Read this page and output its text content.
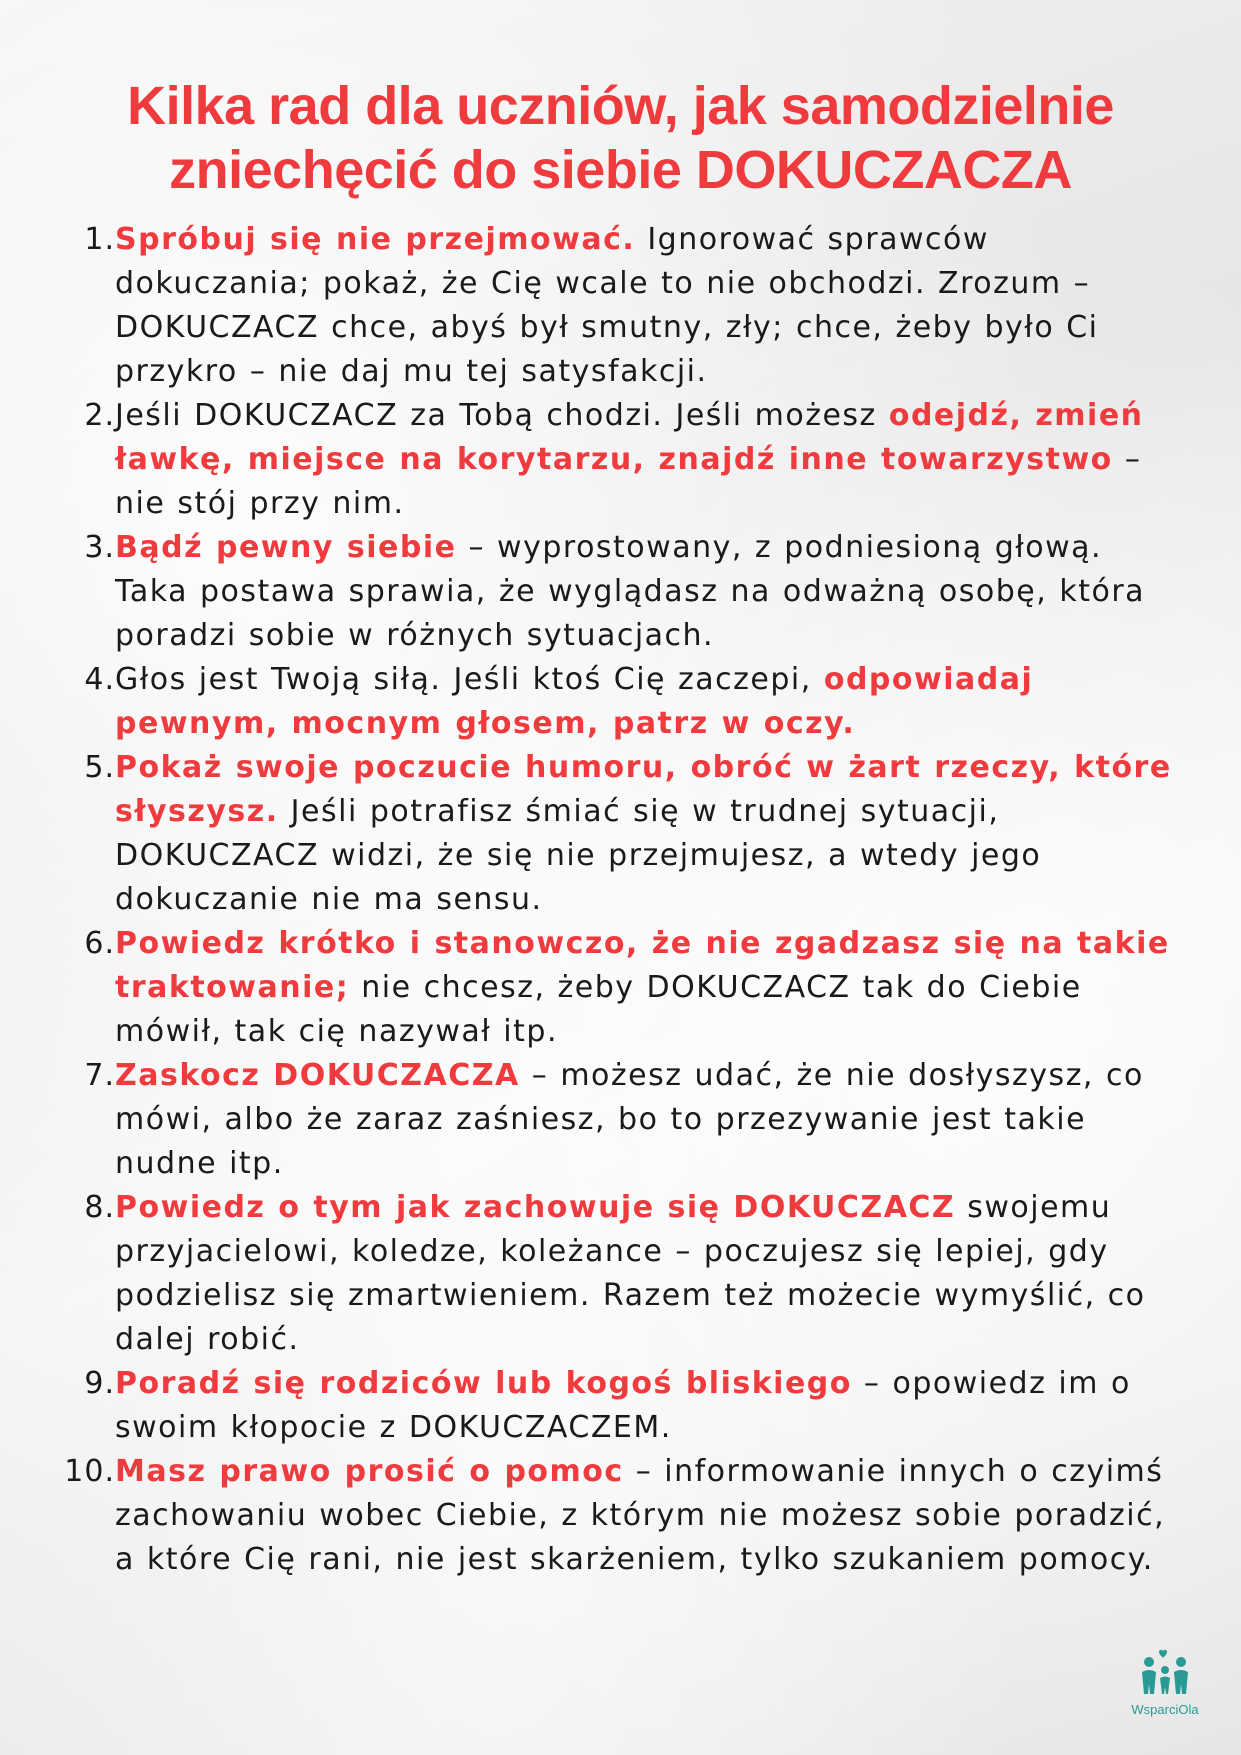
Kilka rad dla uczniów, jak samodzielnie
zniechęcić do siebie DOKUCZACZA
1. Spróbuj się nie przejmować. Ignorować sprawców dokuczania; pokaż, że Cię wcale to nie obchodzi. Zrozum – DOKUCZACZ chce, abyś był smutny, zły; chce, żeby było Ci przykro – nie daj mu tej satysfakcji.
2. Jeśli DOKUCZACZ za Tobą chodzi. Jeśli możesz odejdź, zmień ławkę, miejsce na korytarzu, znajdź inne towarzystwo – nie stój przy nim.
3. Bądź pewny siebie – wyprostowany, z podniesioną głową. Taka postawa sprawia, że wyglądasz na odważną osobę, która poradzi sobie w różnych sytuacjach.
4. Głos jest Twoją siłą. Jeśli ktoś Cię zaczepi, odpowiadaj pewnym, mocnym głosem, patrz w oczy.
5. Pokaż swoje poczucie humoru, obróć w żart rzeczy, które słyszysz. Jeśli potrafisz śmiać się w trudnej sytuacji, DOKUCZACZ widzi, że się nie przejmujesz, a wtedy jego dokuczanie nie ma sensu.
6. Powiedz krótko i stanowczo, że nie zgadzasz się na takie traktowanie; nie chcesz, żeby DOKUCZACZ tak do Ciebie mówił, tak cię nazywał itp.
7. Zaskocz DOKUCZACZA – możesz udać, że nie dosłyszysz, co mówi, albo że zaraz zaśniesz, bo to przezywanie jest takie nudne itp.
8. Powiedz o tym jak zachowuje się DOKUCZACZ swojemu przyjacielowi, koledze, koleżance – poczujesz się lepiej, gdy podzielisz się zmartwieniem. Razem też możecie wymyślić, co dalej robić.
9. Poradź się rodziców lub kogoś bliskiego – opowiedz im o swoim kłopocie z DOKUCZACZEM.
10. Masz prawo prosić o pomoc – informowanie innych o czyimś zachowaniu wobec Ciebie, z którym nie możesz sobie poradzić, a które Cię rani, nie jest skarżeniem, tylko szukaniem pomocy.
WsparciOla
